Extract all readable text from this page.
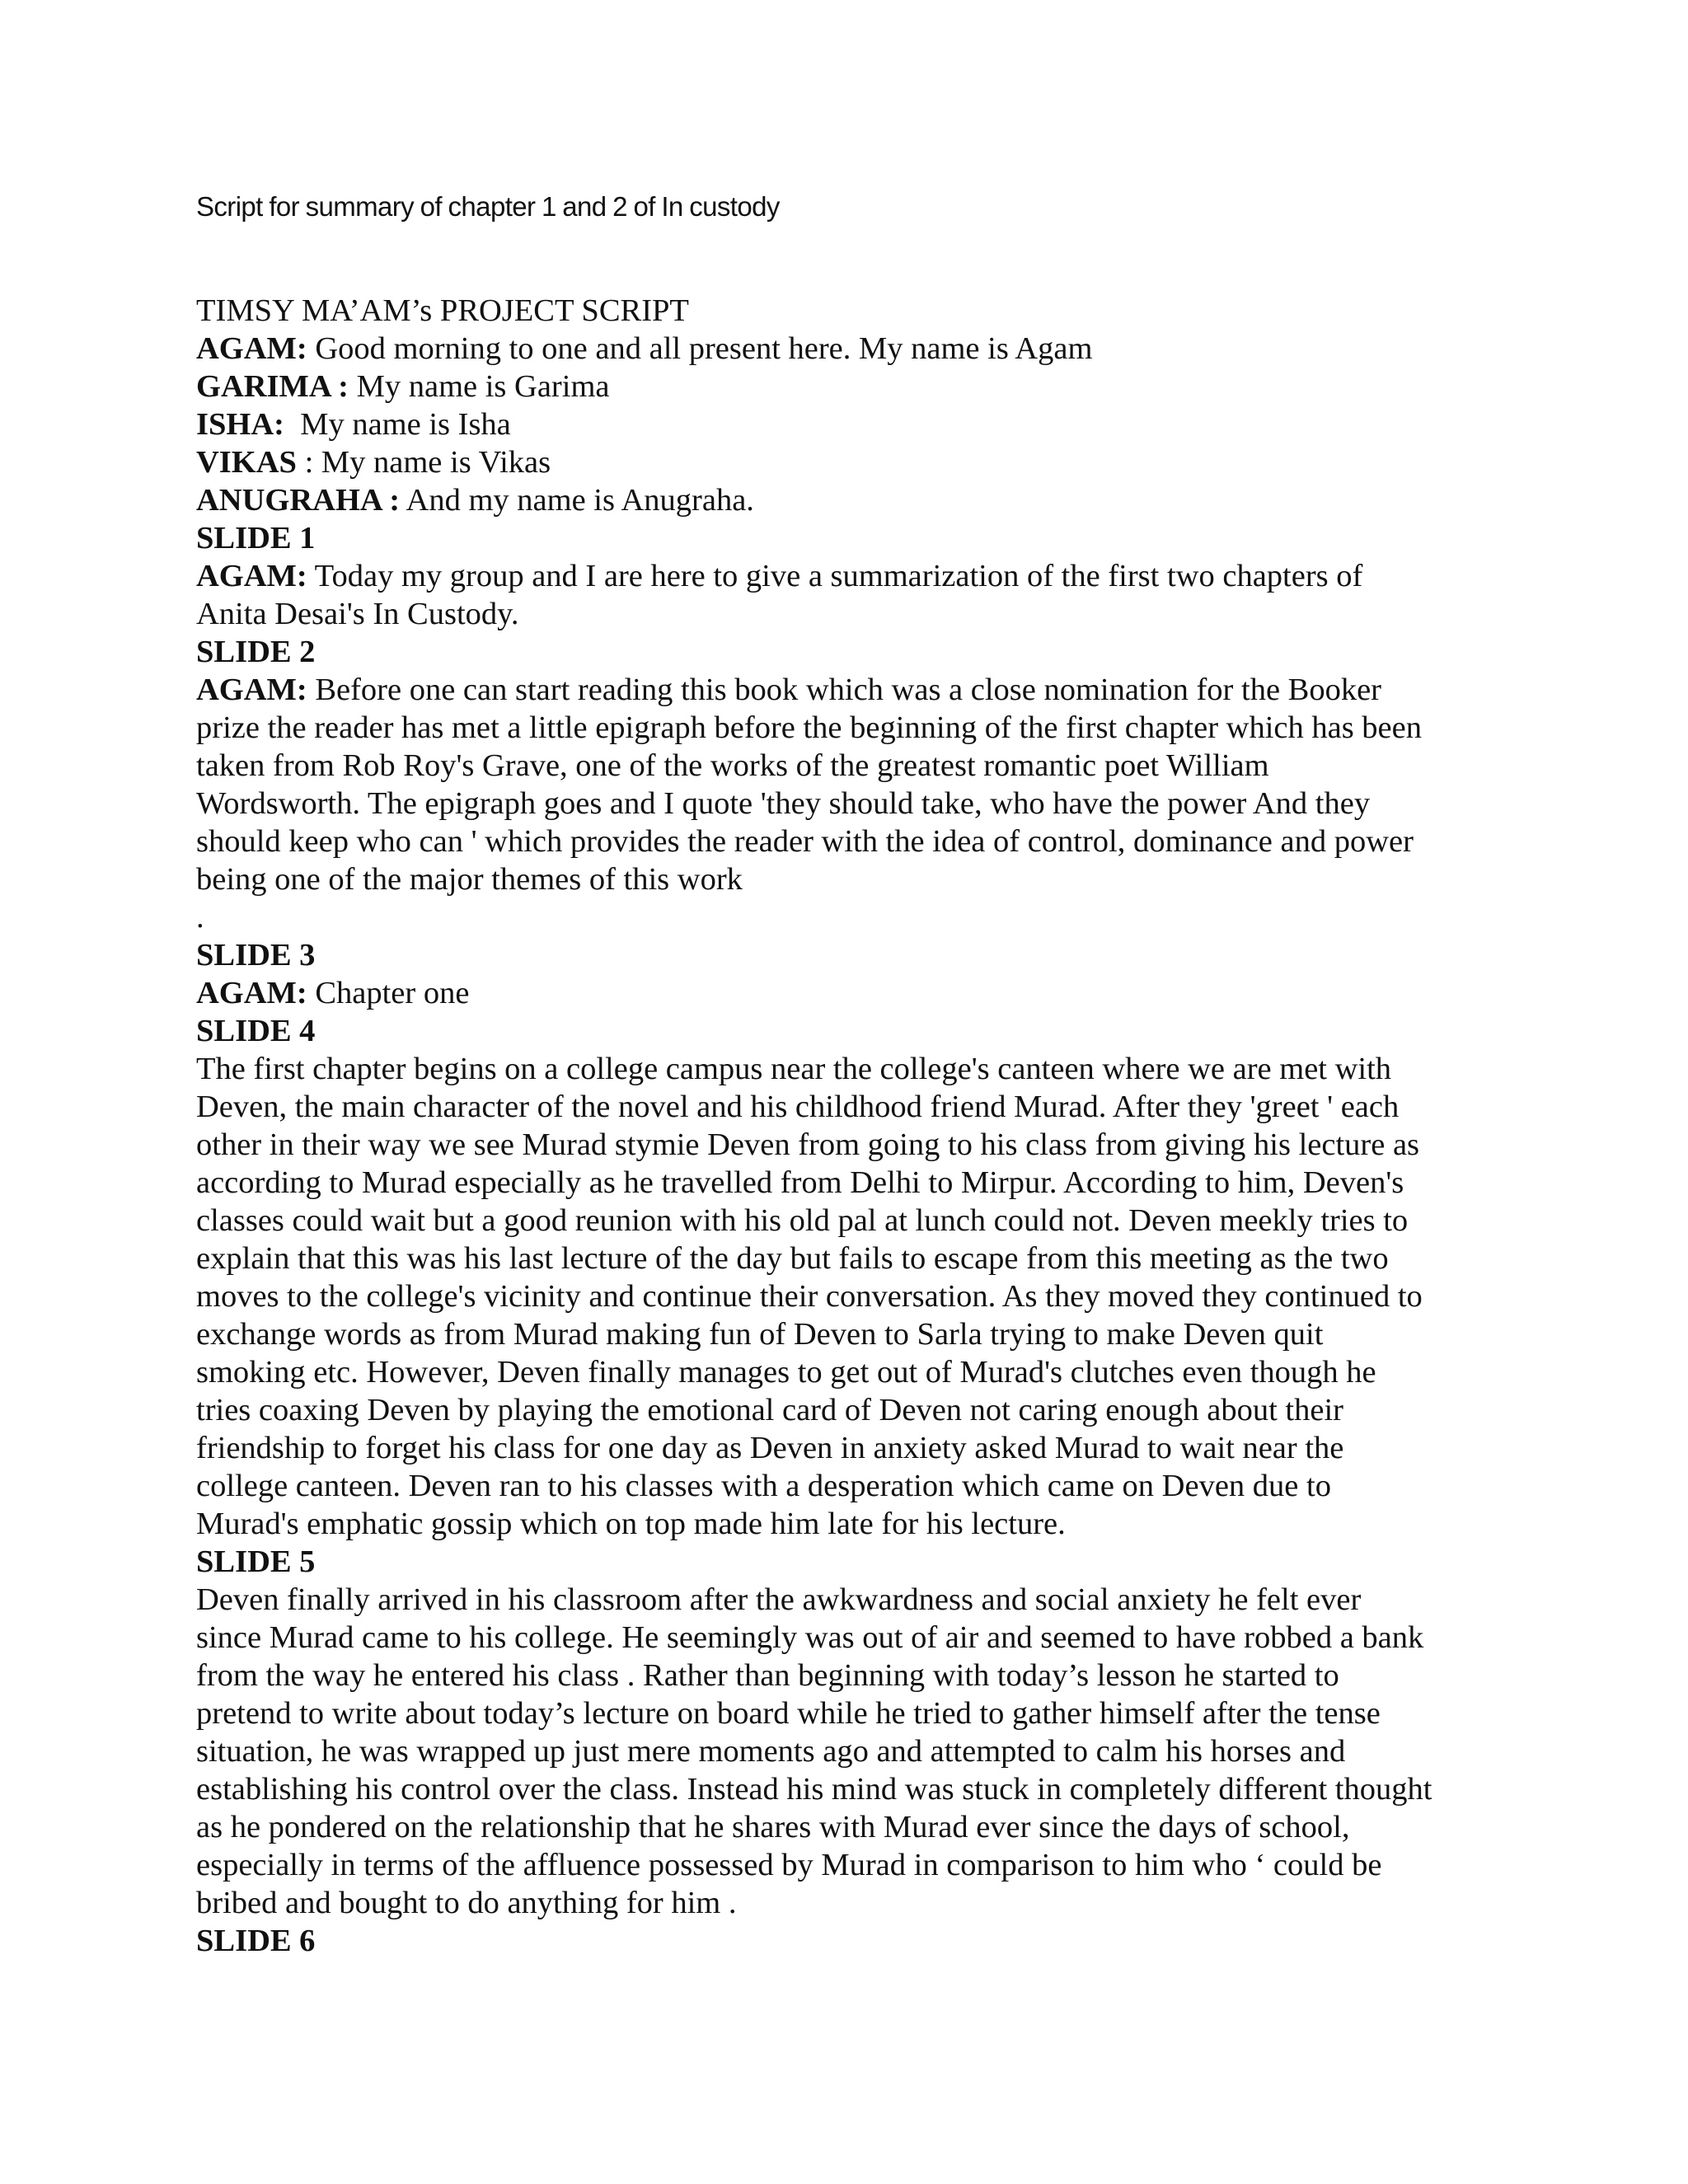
Script for summary of chapter 1 and 2 of In custody
TIMSY MA’AM’s PROJECT SCRIPT
AGAM: Good morning to one and all present here. My name is Agam
GARIMA : My name is Garima
ISHA:  My name is Isha
VIKAS : My name is Vikas
ANUGRAHA : And my name is Anugraha.
SLIDE 1
AGAM: Today my group and I are here to give a summarization of the first two chapters of
Anita Desai's In Custody.
SLIDE 2
AGAM: Before one can start reading this book which was a close nomination for the Booker
prize the reader has met a little epigraph before the beginning of the first chapter which has been
taken from Rob Roy's Grave, one of the works of the greatest romantic poet William
Wordsworth. The epigraph goes and I quote 'they should take, who have the power And they
should keep who can ' which provides the reader with the idea of control, dominance and power
being one of the major themes of this work
.
SLIDE 3
AGAM: Chapter one
SLIDE 4
The first chapter begins on a college campus near the college's canteen where we are met with
Deven, the main character of the novel and his childhood friend Murad. After they 'greet ' each
other in their way we see Murad stymie Deven from going to his class from giving his lecture as
according to Murad especially as he travelled from Delhi to Mirpur. According to him, Deven's
classes could wait but a good reunion with his old pal at lunch could not. Deven meekly tries to
explain that this was his last lecture of the day but fails to escape from this meeting as the two
moves to the college's vicinity and continue their conversation. As they moved they continued to
exchange words as from Murad making fun of Deven to Sarla trying to make Deven quit
smoking etc. However, Deven finally manages to get out of Murad's clutches even though he
tries coaxing Deven by playing the emotional card of Deven not caring enough about their
friendship to forget his class for one day as Deven in anxiety asked Murad to wait near the
college canteen. Deven ran to his classes with a desperation which came on Deven due to
Murad's emphatic gossip which on top made him late for his lecture.
SLIDE 5
Deven finally arrived in his classroom after the awkwardness and social anxiety he felt ever
since Murad came to his college. He seemingly was out of air and seemed to have robbed a bank
from the way he entered his class . Rather than beginning with today’s lesson he started to
pretend to write about today’s lecture on board while he tried to gather himself after the tense
situation, he was wrapped up just mere moments ago and attempted to calm his horses and
establishing his control over the class. Instead his mind was stuck in completely different thought
as he pondered on the relationship that he shares with Murad ever since the days of school,
especially in terms of the affluence possessed by Murad in comparison to him who ‘ could be
bribed and bought to do anything for him .
SLIDE 6
